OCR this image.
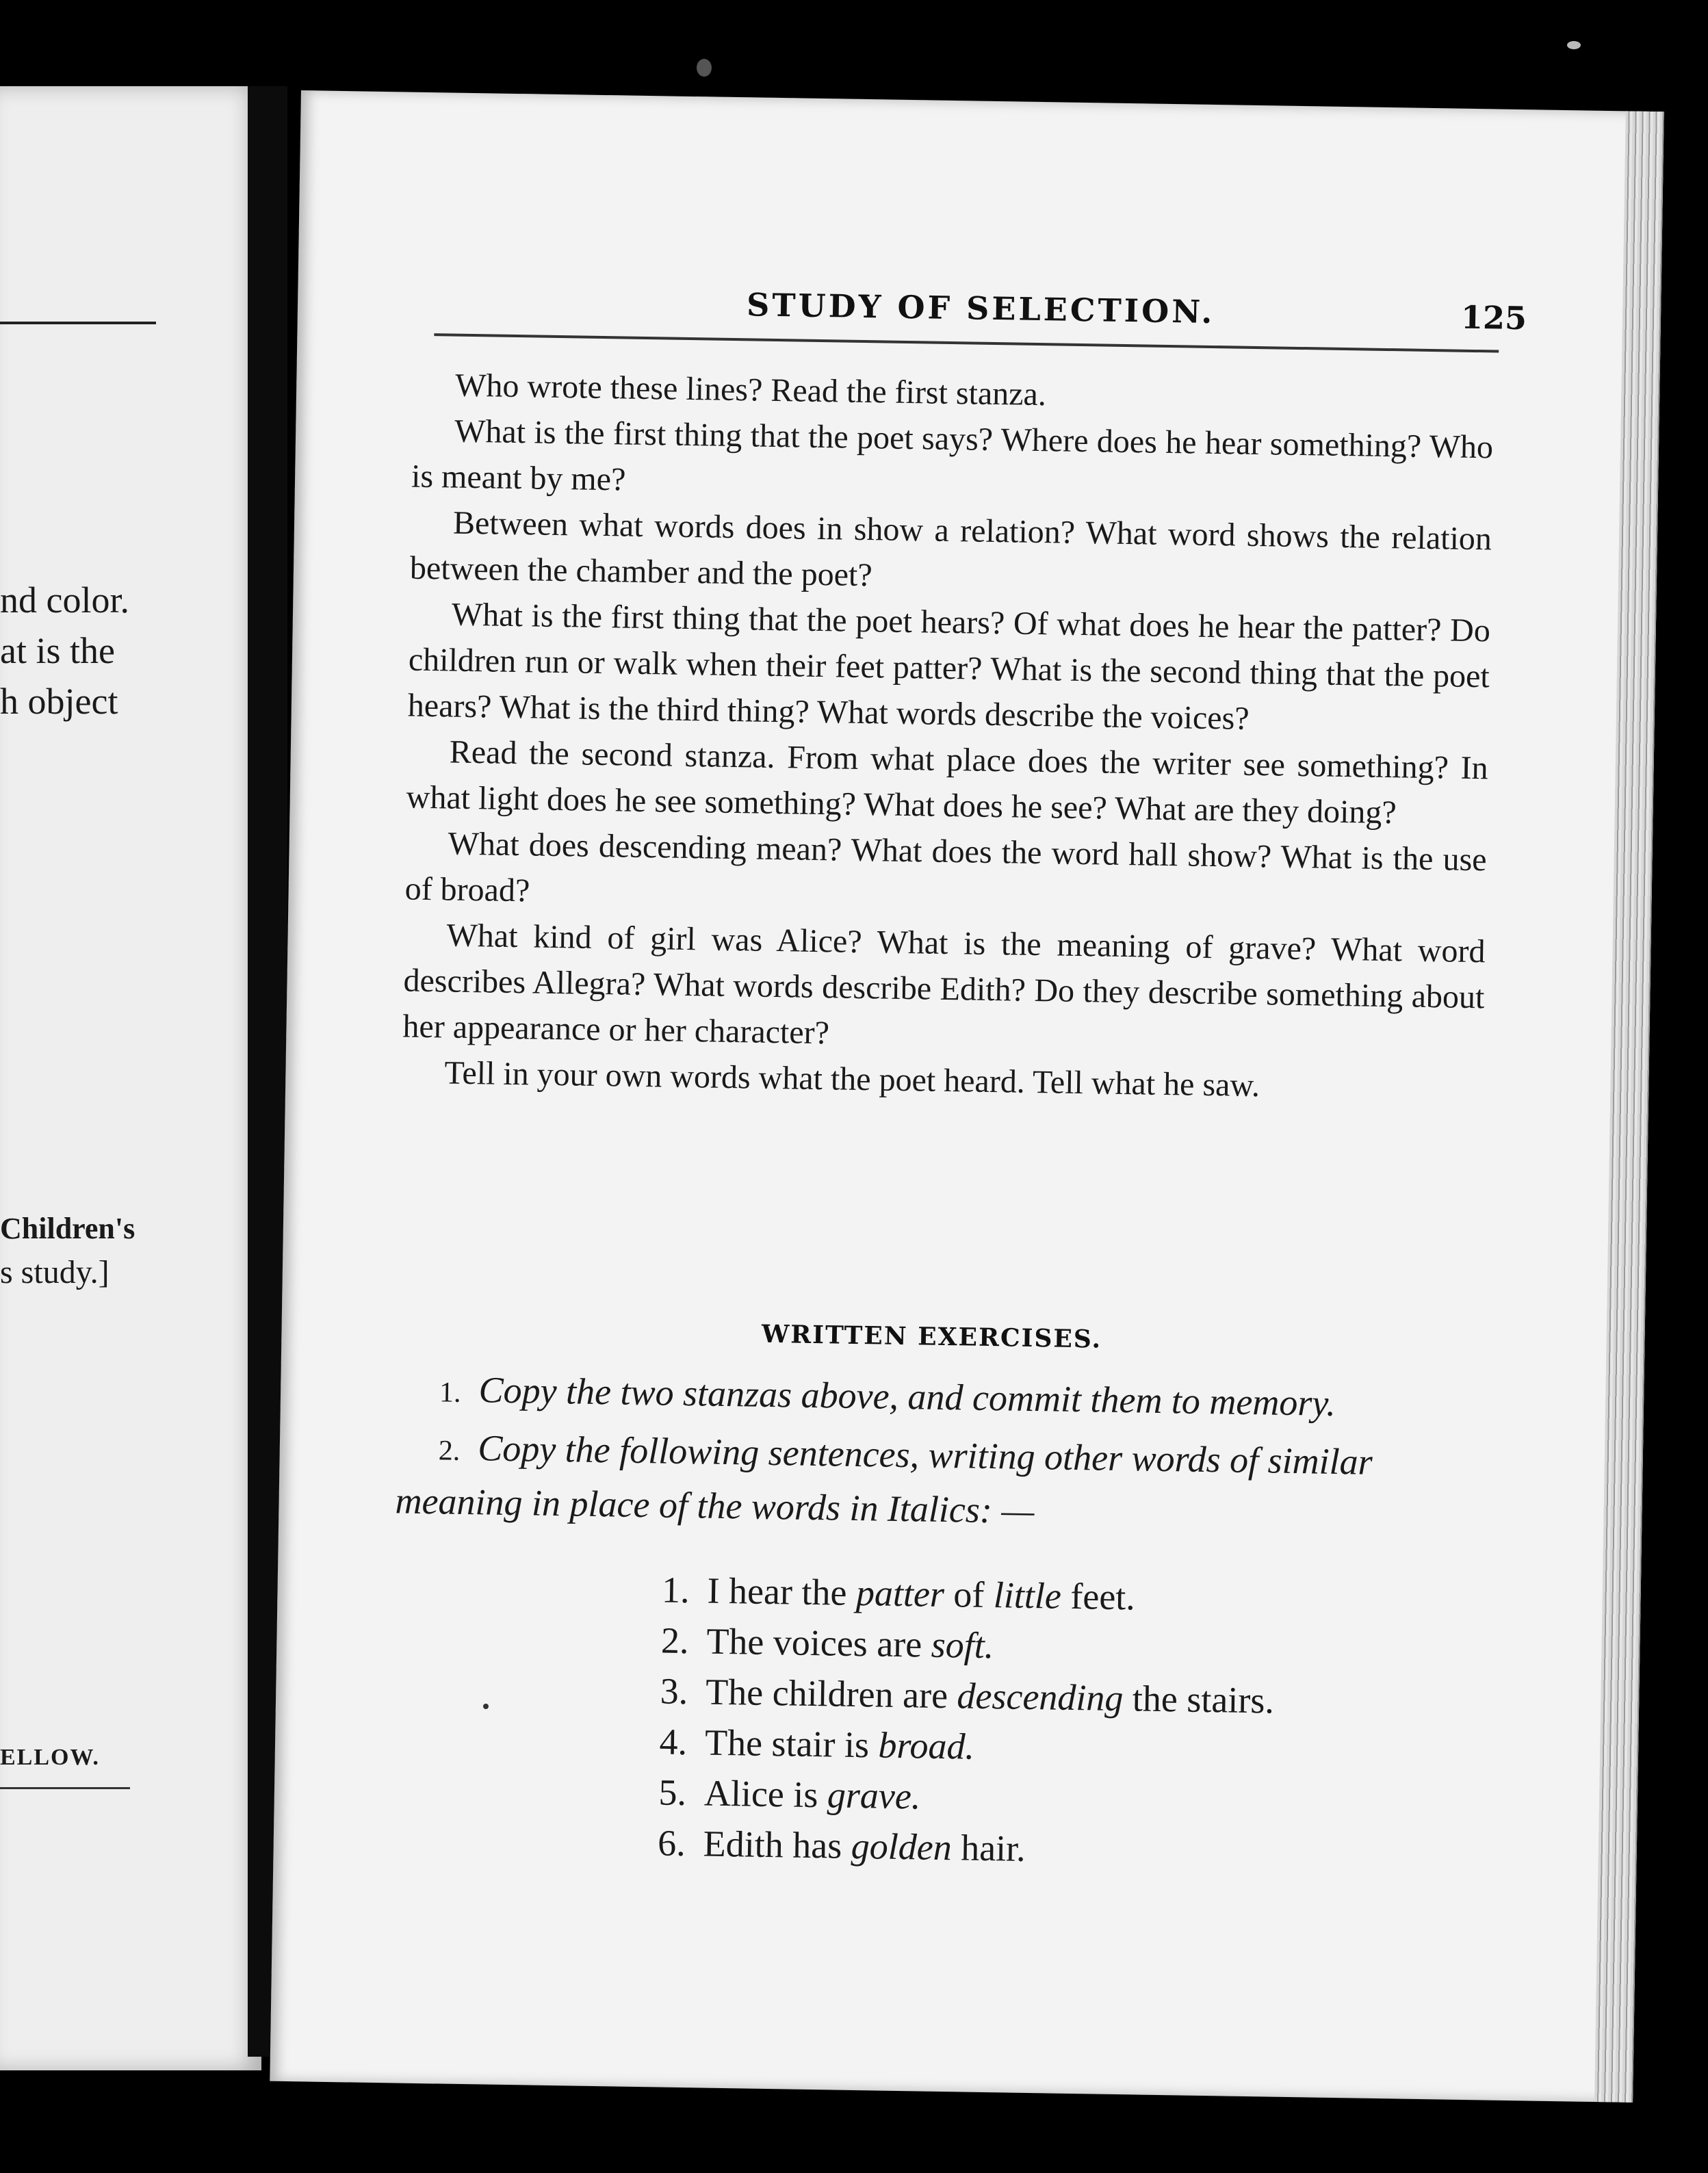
nd color.
at is the
h object
Children's
s study.]
ELLOW.
STUDY OF SELECTION.	125

Who wrote these lines? Read the first stanza.

What is the first thing that the poet says? Where does he hear something? Who is meant by me?

Between what words does in show a relation? What word shows the relation between the chamber and the poet?

What is the first thing that the poet hears? Of what does he hear the patter? Do children run or walk when their feet patter? What is the second thing that the poet hears? What is the third thing? What words describe the voices?

Read the second stanza. From what place does the writer see something? In what light does he see something? What does he see? What are they doing?

What does descending mean? What does the word hall show? What is the use of broad?

What kind of girl was Alice? What is the meaning of grave? What word describes Allegra? What words describe Edith? Do they describe something about her appearance or her character?

Tell in your own words what the poet heard. Tell what he saw.

WRITTEN EXERCISES.

1. Copy the two stanzas above, and commit them to memory.

2. Copy the following sentences, writing other words of similar meaning in place of the words in Italics: —

1. I hear the patter of little feet.
2. The voices are soft.
3. The children are descending the stairs.
4. The stair is broad.
5. Alice is grave.
6. Edith has golden hair.
